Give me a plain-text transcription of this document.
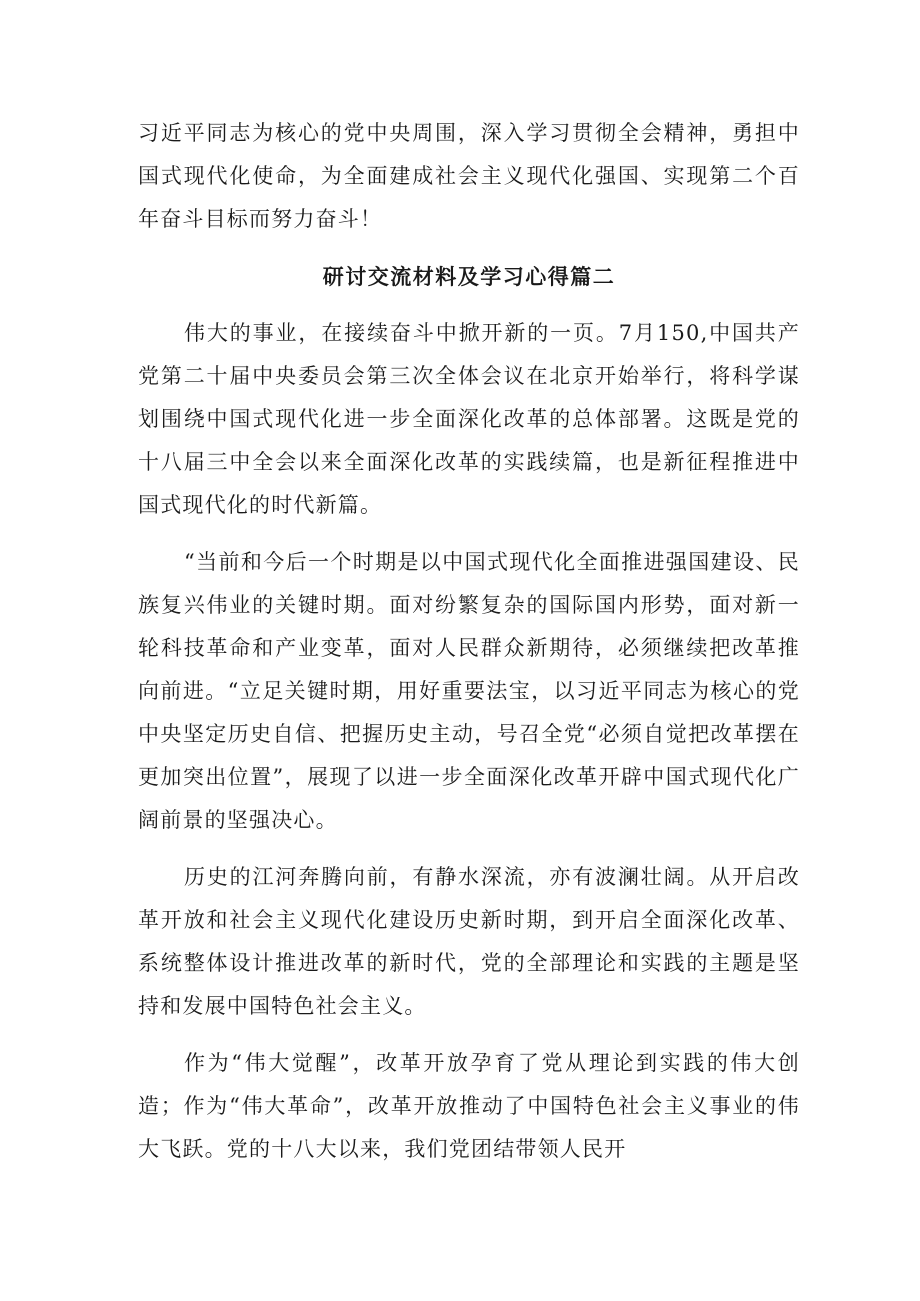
习近平同志为核心的党中央周围，深入学习贯彻全会精神，勇担中国式现代化使命，为全面建成社会主义现代化强国、实现第二个百年奋斗目标而努力奋斗！

研讨交流材料及学习心得篇二

伟大的事业，在接续奋斗中掀开新的一页。7月150,中国共产党第二十届中央委员会第三次全体会议在北京开始举行，将科学谋划围绕中国式现代化进一步全面深化改革的总体部署。这既是党的十八届三中全会以来全面深化改革的实践续篇，也是新征程推进中国式现代化的时代新篇。

“当前和今后一个时期是以中国式现代化全面推进强国建设、民族复兴伟业的关键时期。面对纷繁复杂的国际国内形势，面对新一轮科技革命和产业变革，面对人民群众新期待，必须继续把改革推向前进。“立足关键时期，用好重要法宝，以习近平同志为核心的党中央坚定历史自信、把握历史主动，号召全党“必须自觉把改革摆在更加突出位置”，展现了以进一步全面深化改革开辟中国式现代化广阔前景的坚强决心。

历史的江河奔腾向前，有静水深流，亦有波澜壮阔。从开启改革开放和社会主义现代化建设历史新时期，到开启全面深化改革、系统整体设计推进改革的新时代，党的全部理论和实践的主题是坚持和发展中国特色社会主义。

作为“伟大觉醒”，改革开放孕育了党从理论到实践的伟大创造；作为“伟大革命”，改革开放推动了中国特色社会主义事业的伟大飞跃。党的十八大以来，我们党团结带领人民开
